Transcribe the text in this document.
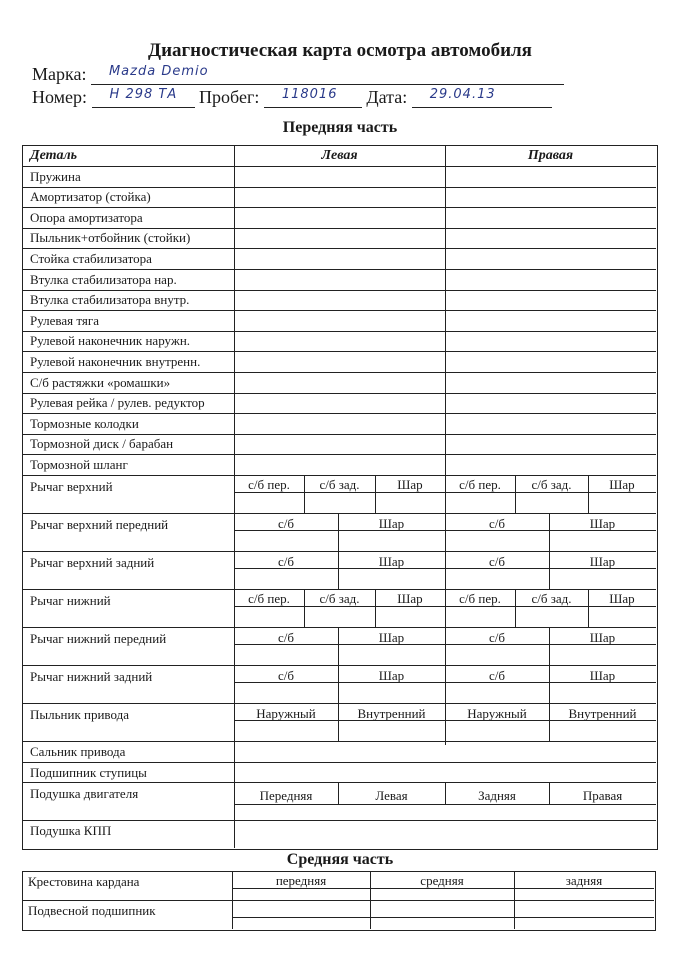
Диагностическая карта осмотра автомобиля
Марка: Mazda Demio
Номер: Н 298 ТА Пробег: 118016 Дата: 29.04.13
Передняя часть
Средняя часть
Деталь	Левая	Правая
Пружина
Амортизатор (стойка)
Опора амортизатора
Пыльник+отбойник (стойки)
Стойка стабилизатора
Втулка стабилизатора нар.
Втулка стабилизатора внутр.
Рулевая тяга
Рулевой наконечник наружн.
Рулевой наконечник внутренн.
С/б растяжки «ромашки»
Рулевая рейка / рулев. редуктор
Тормозные колодки
Тормозной диск / барабан
Тормозной шланг
Рычаг верхний	с/б пер.	с/б зад.	Шар	с/б пер.	с/б зад.	Шар
Рычаг верхний передний	с/б	Шар	с/б	Шар
Рычаг верхний задний	с/б	Шар	с/б	Шар
Рычаг нижний	с/б пер.	с/б зад.	Шар	с/б пер.	с/б зад.	Шар
Рычаг нижний передний	с/б	Шар	с/б	Шар
Рычаг нижний задний	с/б	Шар	с/б	Шар
Пыльник привода	Наружный	Внутренний	Наружный	Внутренний
Сальник привода
Подшипник ступицы
Подушка двигателя	Передняя	Левая	Задняя	Правая
Подушка КПП
Крестовина кардана	передняя	средняя	задняя
Подвесной подшипник
